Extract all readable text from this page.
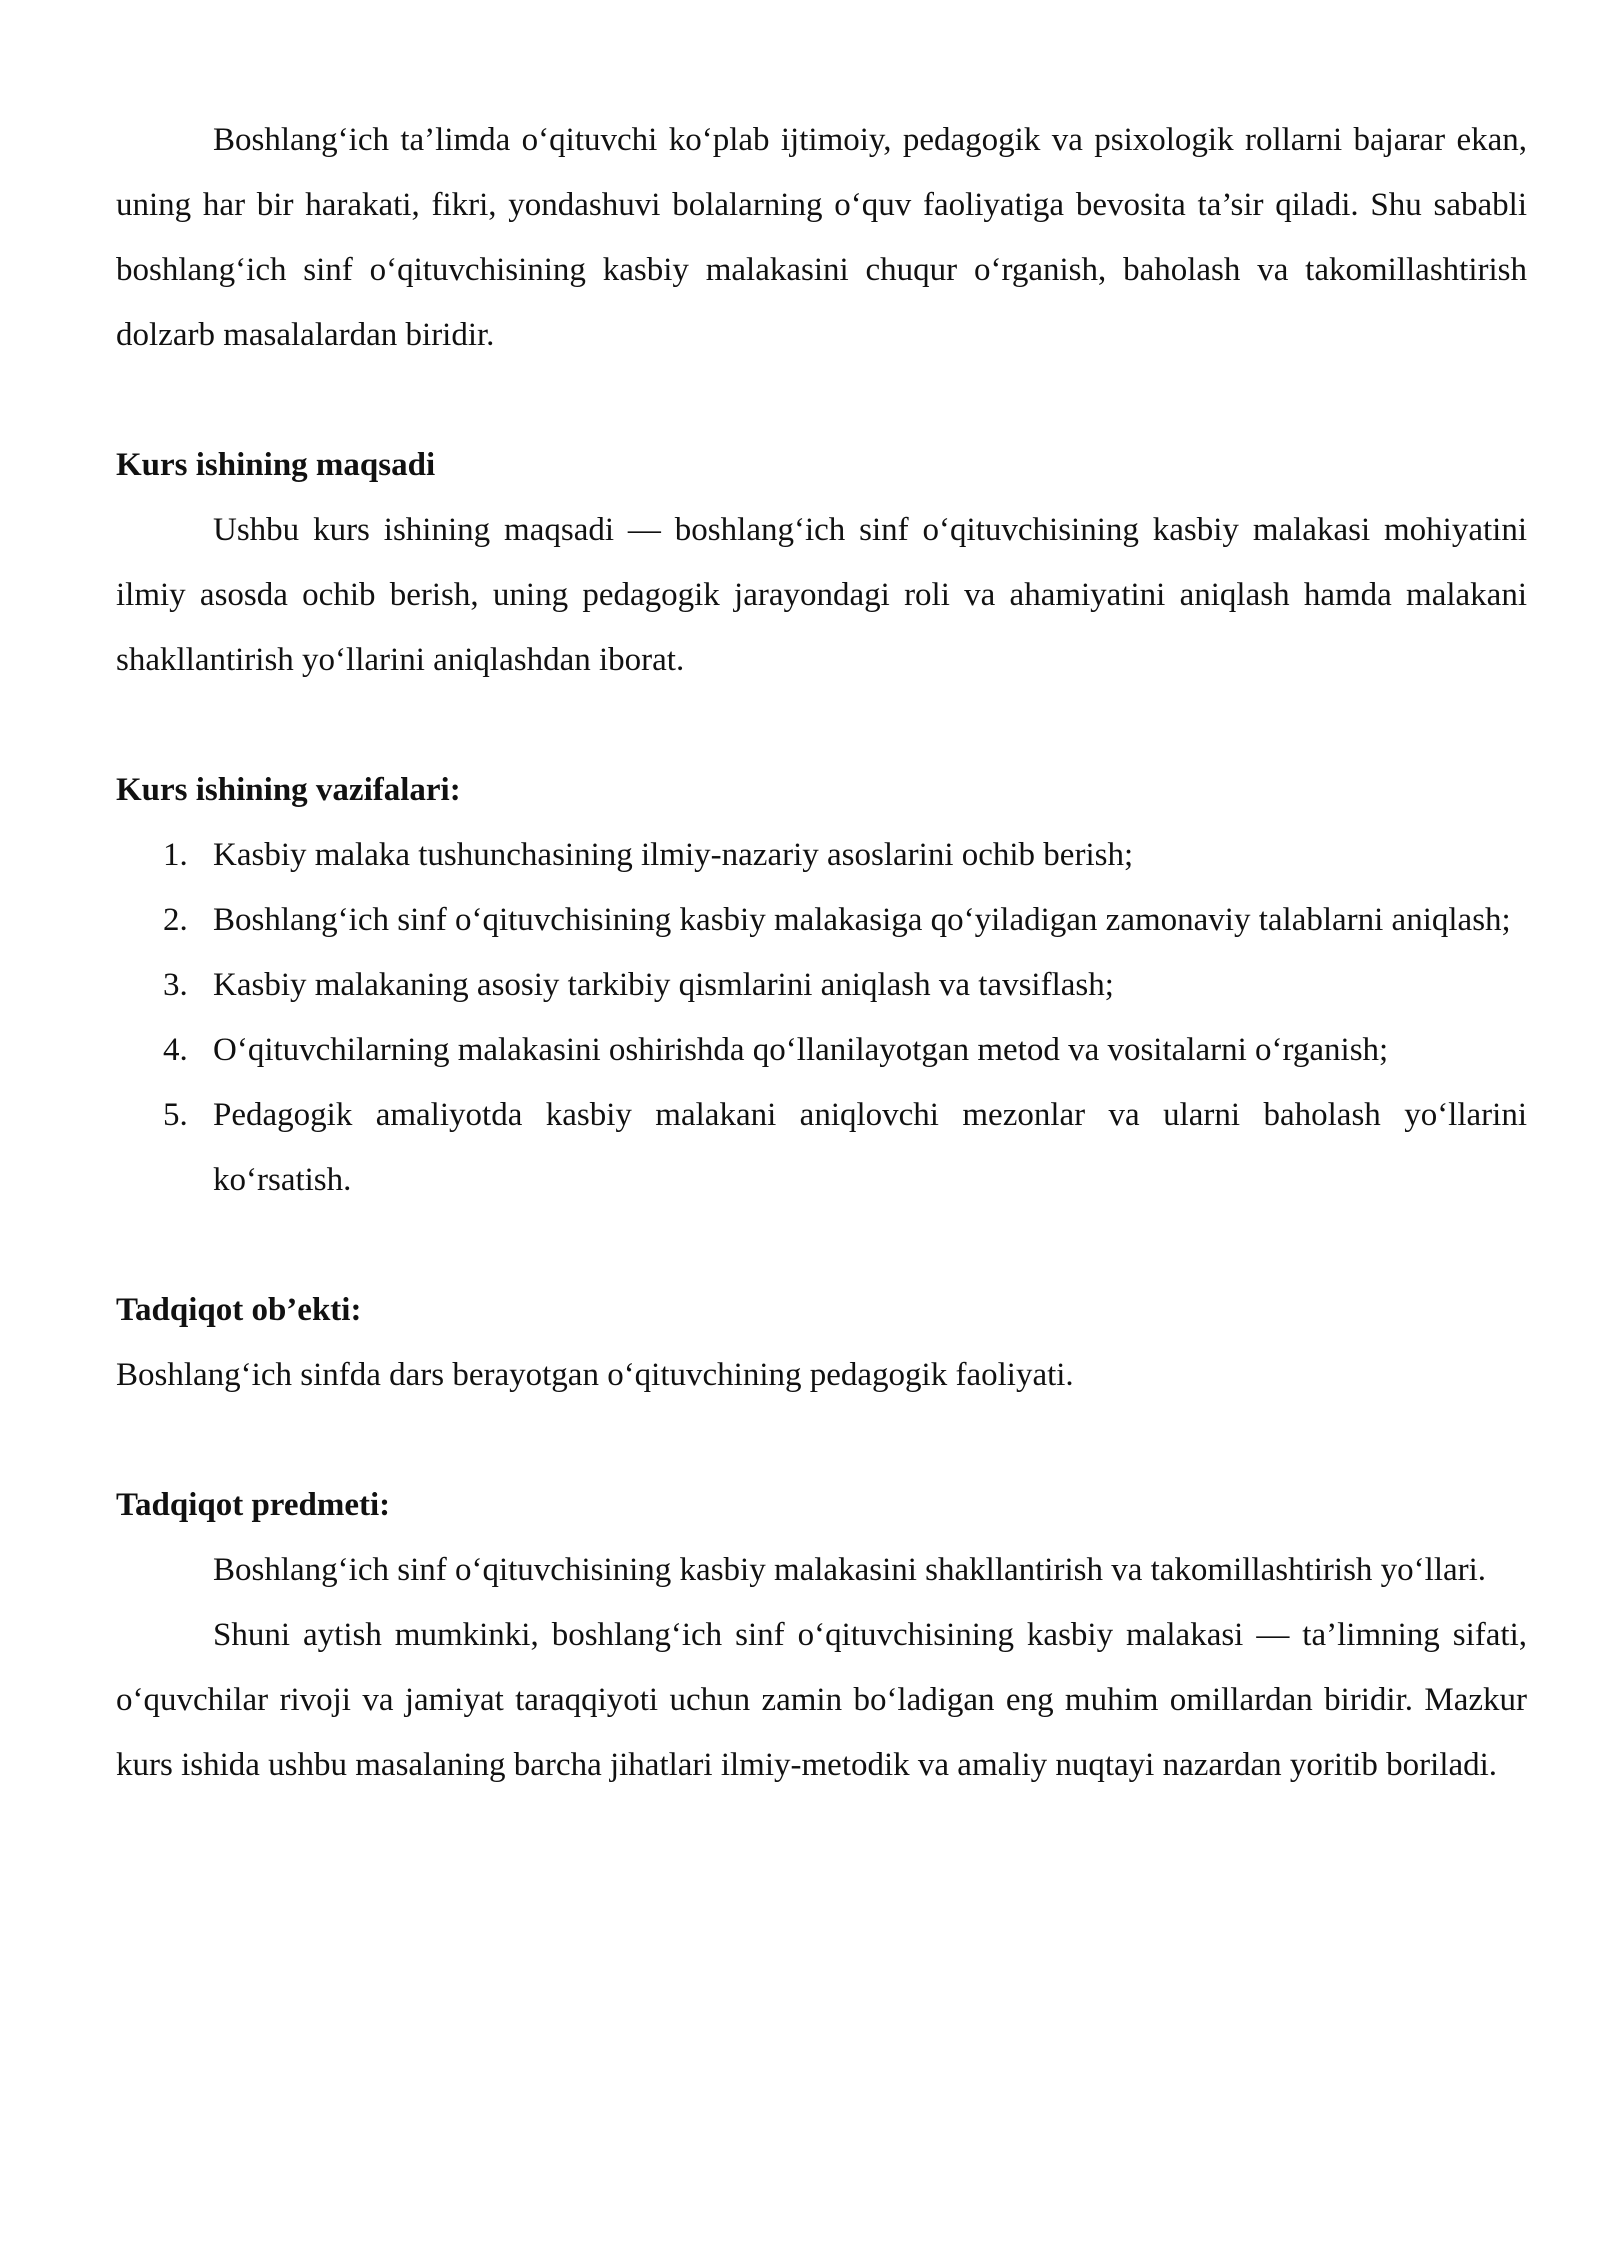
Boshlang‘ich ta’limda o‘qituvchi ko‘plab ijtimoiy, pedagogik va psixologik rollarni bajarar ekan, uning har bir harakati, fikri, yondashuvi bolalarning o‘quv faoliyatiga bevosita ta’sir qiladi. Shu sababli boshlang‘ich sinf o‘qituvchisining kasbiy malakasini chuqur o‘rganish, baholash va takomillashtirish dolzarb masalalardan biridir.

Kurs ishining maqsadi

Ushbu kurs ishining maqsadi — boshlang‘ich sinf o‘qituvchisining kasbiy malakasi mohiyatini ilmiy asosda ochib berish, uning pedagogik jarayondagi roli va ahamiyatini aniqlash hamda malakani shakllantirish yo‘llarini aniqlashdan iborat.

Kurs ishining vazifalari:

1. Kasbiy malaka tushunchasining ilmiy-nazariy asoslarini ochib berish;
2. Boshlang‘ich sinf o‘qituvchisining kasbiy malakasiga qo‘yiladigan zamonaviy talablarni aniqlash;
3. Kasbiy malakaning asosiy tarkibiy qismlarini aniqlash va tavsiflash;
4. O‘qituvchilarning malakasini oshirishda qo‘llanilayotgan metod va vositalarni o‘rganish;
5. Pedagogik amaliyotda kasbiy malakani aniqlovchi mezonlar va ularni baholash yo‘llarini ko‘rsatish.

Tadqiqot ob’ekti:

Boshlang‘ich sinfda dars berayotgan o‘qituvchining pedagogik faoliyati.

Tadqiqot predmeti:

Boshlang‘ich sinf o‘qituvchisining kasbiy malakasini shakllantirish va takomillashtirish yo‘llari.

Shuni aytish mumkinki, boshlang‘ich sinf o‘qituvchisining kasbiy malakasi — ta’limning sifati, o‘quvchilar rivoji va jamiyat taraqqiyoti uchun zamin bo‘ladigan eng muhim omillardan biridir. Mazkur kurs ishida ushbu masalaning barcha jihatlari ilmiy-metodik va amaliy nuqtayi nazardan yoritib boriladi.
